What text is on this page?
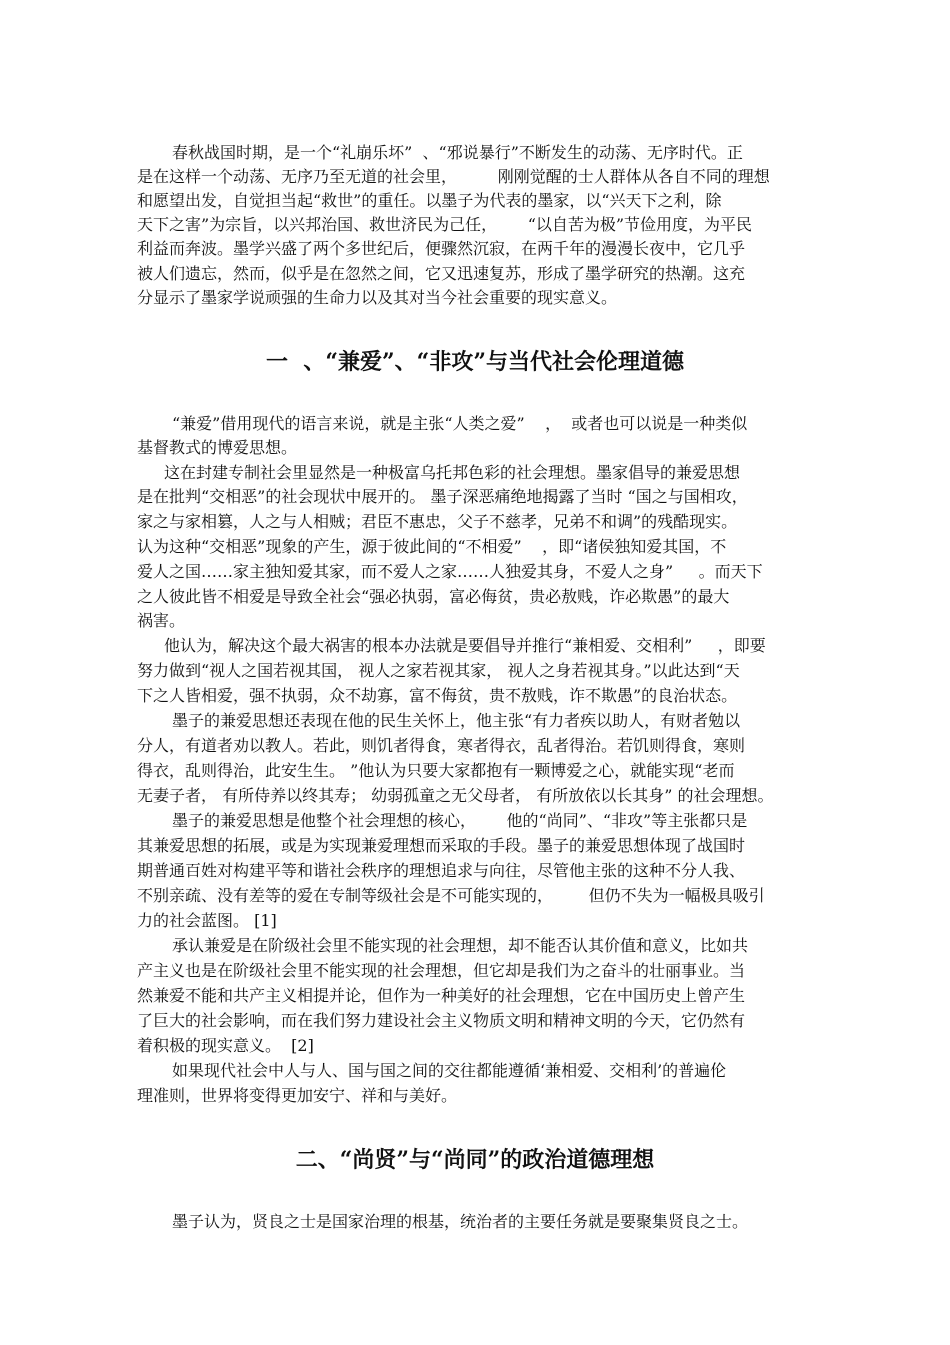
春秋战国时期，是一个“礼崩乐坏”  、“邪说暴行”不断发生的动荡、无序时代。正

是在这样一个动荡、无序乃至无道的社会里，        刚刚觉醒的士人群体从各自不同的理想

和愿望出发，自觉担当起“救世”的重任。以墨子为代表的墨家，以“兴天下之利，除

天下之害”为宗旨，以兴邦治国、救世济民为己任，      “以自苦为极”节俭用度，为平民

利益而奔波。墨学兴盛了两个多世纪后，便骤然沉寂，在两千年的漫漫长夜中，它几乎

被人们遗忘，然而，似乎是在忽然之间，它又迅速复苏，形成了墨学研究的热潮。这充

分显示了墨家学说顽强的生命力以及其对当今社会重要的现实意义。

一  、“兼爱”、“非攻”与当代社会伦理道德

“兼爱”借用现代的语言来说，就是主张“人类之爱”    ，  或者也可以说是一种类似

基督教式的博爱思想。

这在封建专制社会里显然是一种极富乌托邦色彩的社会理想。墨家倡导的兼爱思想

是在批判“交相恶”的社会现状中展开的。 墨子深恶痛绝地揭露了当时 “国之与国相攻，

家之与家相篡，人之与人相贼；君臣不惠忠，父子不慈孝，兄弟不和调”的残酷现实。

认为这种“交相恶”现象的产生，源于彼此间的“不相爱”    ，即“诸侯独知爱其国，不

爱人之国……家主独知爱其家，而不爱人之家……人独爱其身，不爱人之身”     。而天下

之人彼此皆不相爱是导致全社会“强必执弱，富必侮贫，贵必敖贱，诈必欺愚”的最大

祸害。

他认为，解决这个最大祸害的根本办法就是要倡导并推行“兼相爱、交相利”     ，即要

努力做到“视人之国若视其国， 视人之家若视其家， 视人之身若视其身。”以此达到“天

下之人皆相爱，强不执弱，众不劫寡，富不侮贫，贵不敖贱，诈不欺愚”的良治状态。

墨子的兼爱思想还表现在他的民生关怀上，他主张“有力者疾以助人，有财者勉以

分人，有道者劝以教人。若此，则饥者得食，寒者得衣，乱者得治。若饥则得食，寒则

得衣，乱则得治，此安生生。 ”他认为只要大家都抱有一颗博爱之心，就能实现“老而

无妻子者， 有所侍养以终其寿； 幼弱孤童之无父母者， 有所放依以长其身” 的社会理想。

墨子的兼爱思想是他整个社会理想的核心，      他的“尚同”、“非攻”等主张都只是

其兼爱思想的拓展，或是为实现兼爱理想而采取的手段。墨子的兼爱思想体现了战国时

期普通百姓对构建平等和谐社会秩序的理想追求与向往，尽管他主张的这种不分人我、

不别亲疏、没有差等的爱在专制等级社会是不可能实现的，       但仍不失为一幅极具吸引

力的社会蓝图。 [1]

承认兼爱是在阶级社会里不能实现的社会理想，却不能否认其价值和意义，比如共

产主义也是在阶级社会里不能实现的社会理想，但它却是我们为之奋斗的壮丽事业。当

然兼爱不能和共产主义相提并论，但作为一种美好的社会理想，它在中国历史上曾产生

了巨大的社会影响，而在我们努力建设社会主义物质文明和精神文明的今天，它仍然有

着积极的现实意义。  [2]

如果现代社会中人与人、国与国之间的交往都能遵循‘兼相爱、交相利’的普遍伦

理准则，世界将变得更加安宁、祥和与美好。

二、“尚贤”与“尚同”的政治道德理想

墨子认为，贤良之士是国家治理的根基，统治者的主要任务就是要聚集贤良之士。
